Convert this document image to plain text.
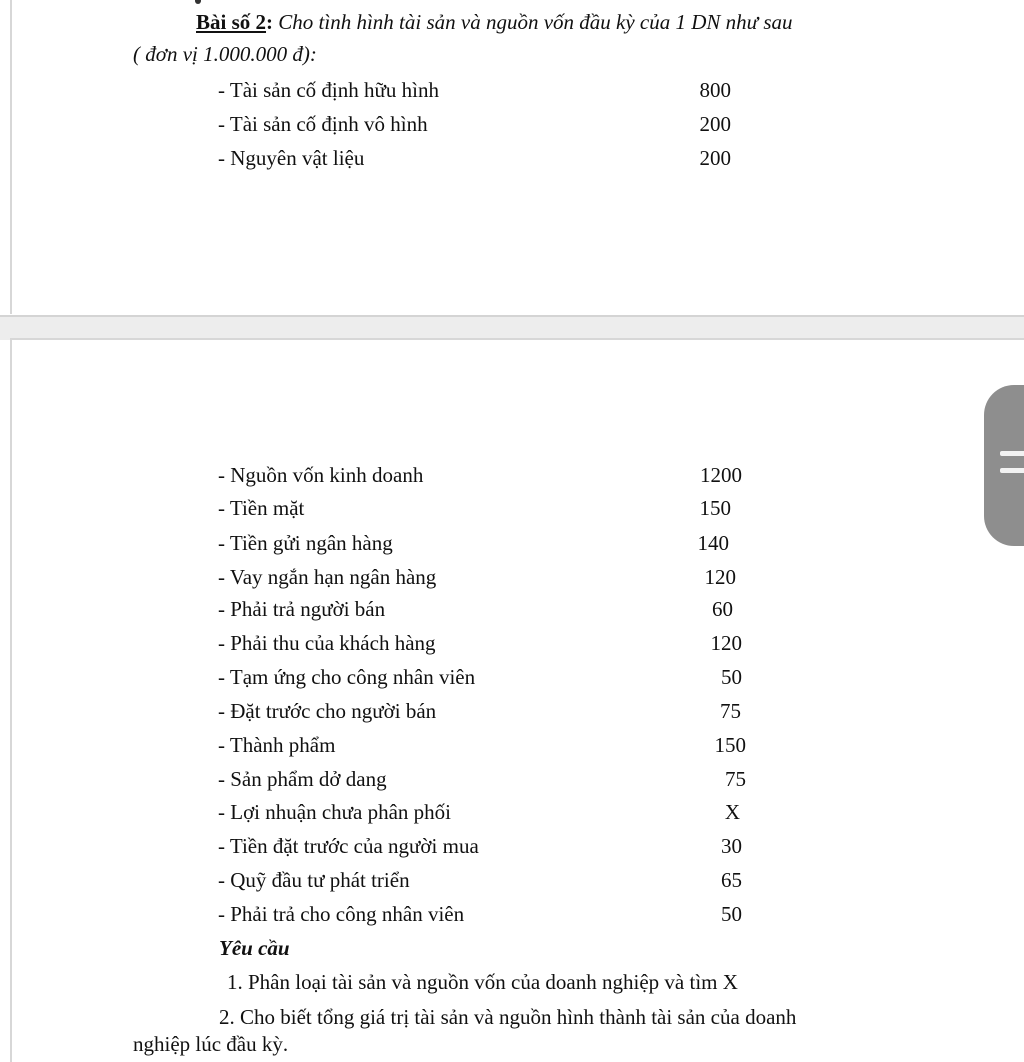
Bài số 2: Cho tình hình tài sản và nguồn vốn đầu kỳ của 1 DN như sau
( đơn vị 1.000.000 đ):
- Tài sản cố định hữu hình	800
- Tài sản cố định vô hình	200
- Nguyên vật liệu	200
- Nguồn vốn kinh doanh	1200
- Tiền mặt	150
- Tiền gửi ngân hàng	140
- Vay ngắn hạn ngân hàng	120
- Phải trả người bán	60
- Phải thu của khách hàng	120
- Tạm ứng cho công nhân viên	50
- Đặt trước cho người bán	75
- Thành phẩm	150
- Sản phẩm dở dang	75
- Lợi nhuận chưa phân phối	X
- Tiền đặt trước của người mua	30
- Quỹ đầu tư phát triển	65
- Phải trả cho công nhân viên	50
Yêu cầu
1. Phân loại tài sản và nguồn vốn của doanh nghiệp và tìm X
2. Cho biết tổng giá trị tài sản và nguồn hình thành tài sản của doanh
nghiệp lúc đầu kỳ.
